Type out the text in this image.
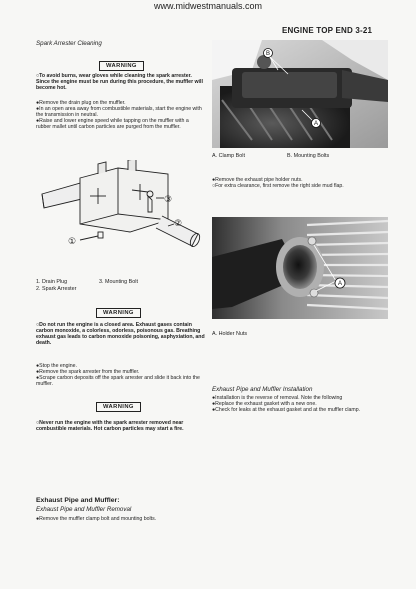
www.midwestmanuals.com
ENGINE TOP END 3-21
Spark Arrester Cleaning
WARNING
○To avoid burns, wear gloves while cleaning the spark arrester. Since the engine must be run during this procedure, the muffler will become hot.
●Remove the drain plug on the muffler.
●In an open area away from combustible materials, start the engine with the transmission in neutral.
●Raise and lower engine speed while tapping on the muffler with a rubber mallet until carbon particles are purged from the muffler.
①
②
③
1. Drain Plug
2. Spark Arrester
3. Mounting Bolt
WARNING
○Do not run the engine is a closed area. Exhaust gases contain carbon monoxide, a colorless, odorless, poisonous gas. Breathing exhaust gas leads to carbon monoxide poisoning, asphyxiation, and death.
●Stop the engine.
●Remove the spark arrester from the muffler.
●Scrape carbon deposits off the spark arrester and slide it back into the muffler.
WARNING
○Never run the engine with the spark arrester removed near combustible materials. Hot carbon particles may start a fire.
Exhaust Pipe and Muffler:
Exhaust Pipe and Muffler Removal
●Remove the muffler clamp bolt and mounting bolts.
B
A
A. Clamp Bolt	B. Mounting Bolts
●Remove the exhaust pipe holder nuts.
○For extra clearance, first remove the right side mud flap.
A
A. Holder Nuts
Exhaust Pipe and Muffler Installation
●Installation is the reverse of removal. Note the following
●Replace the exhaust gasket with a new one.
●Check for leaks at the exhaust gasket and at the muffler clamp.
